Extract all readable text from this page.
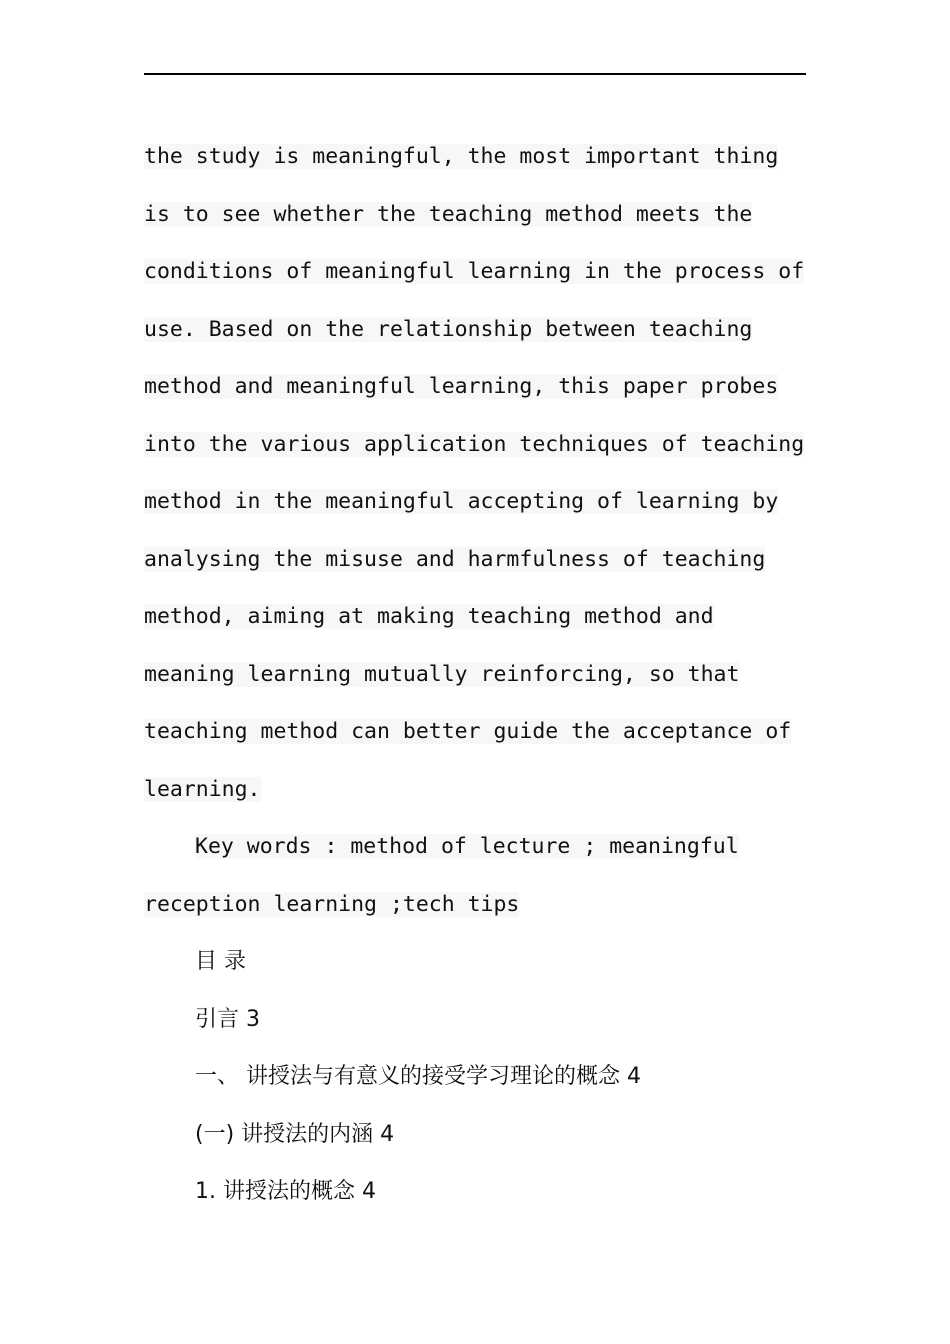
the study is meaningful, the most important thing
is to see whether the teaching method meets the
conditions of meaningful learning in the process of
use. Based on the relationship between teaching
method and meaningful learning, this paper probes
into the various application techniques of teaching
method in the meaningful accepting of learning by
analysing the misuse and harmfulness of teaching
method, aiming at making teaching method and
meaning learning mutually reinforcing, so that
teaching method can better guide the acceptance of
learning.
Key words : method of lecture ; meaningful
reception learning ;tech tips
目 录
引言 3
一、 讲授法与有意义的接受学习理论的概念 4
(一) 讲授法的内涵 4
1. 讲授法的概念 4
